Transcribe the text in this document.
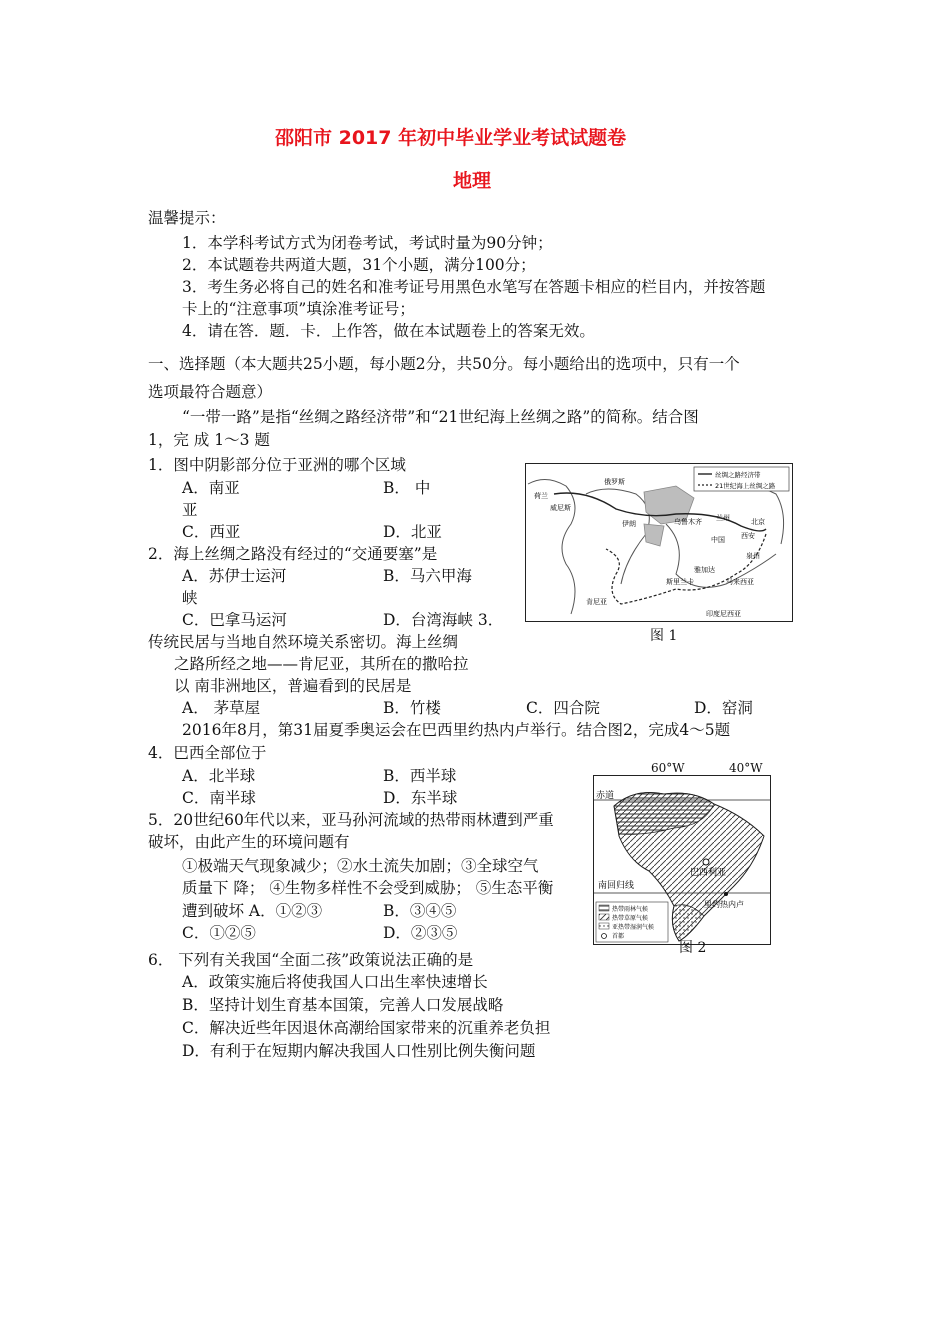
邵阳市 2017 年初中毕业学业考试试题卷
地理
温馨提示：
1．本学科考试方式为闭卷考试，考试时量为90分钟；
2．本试题卷共两道大题，31个小题，满分100分；
3．考生务必将自己的姓名和准考证号用黑色水笔写在答题卡相应的栏目内，并按答题
卡上的“注意事项”填涂准考证号；
4．请在答．题．卡．上作答，做在本试题卷上的答案无效。
一、选择题（本大题共25小题，每小题2分，共50分。每小题给出的选项中，只有一个
选项最符合题意）
“一带一路”是指“丝绸之路经济带”和“21世纪海上丝绸之路”的简称。结合图
1，完 成 1～3 题
1．图中阴影部分位于亚洲的哪个区域
A．南亚	B． 中
亚
C．西亚	D．北亚
2．海上丝绸之路没有经过的“交通要塞”是
A．苏伊士运河	B．马六甲海
峡
C．巴拿马运河	D．台湾海峡 3．
传统民居与当地自然环境关系密切。海上丝绸
之路所经之地——肯尼亚，其所在的撒哈拉
以 南非洲地区，普遍看到的民居是
A． 茅草屋	B．竹楼	C．四合院	D．窑洞
2016年8月，第31届夏季奥运会在巴西里约热内卢举行。结合图2，完成4～5题
4．巴西全部位于
A．北半球	B．西半球
C．南半球	D．东半球
5．20世纪60年代以来，亚马孙河流域的热带雨林遭到严重
破坏，由此产生的环境问题有
①极端天气现象减少；②水土流失加剧；③全球空气
质量下 降； ④生物多样性不会受到威胁； ⑤生态平衡
遭到破坏 A．①②③	B．③④⑤
C．①②⑤	D．②③⑤
6． 下列有关我国“全面二孩”政策说法正确的是
A．政策实施后将使我国人口出生率快速增长
B．坚持计划生育基本国策，完善人口发展战略
C．解决近些年因退休高潮给国家带来的沉重养老负担
D．有利于在短期内解决我国人口性别比例失衡问题
丝绸之路经济带
21世纪海上丝绸之路
俄罗斯
荷兰
威尼斯
伊朗	乌鲁木齐 兰州	北京
中国 西安
泉州
马来西亚
雅加达
肯尼亚
印度尼西亚
斯里兰卡
图 1
60°W	40°W
赤道
南回归线
巴西利亚
里约热内卢
热带雨林气候
热带草原气候
亚热带湿润气候
首都
图 2
